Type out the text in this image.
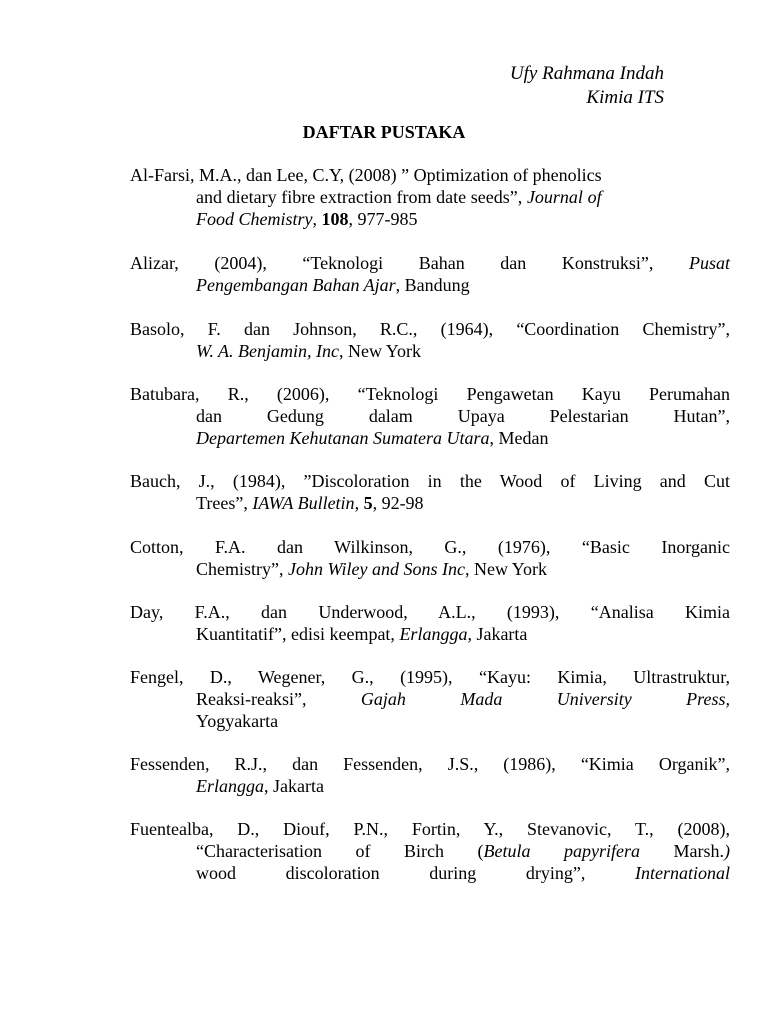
Ufy Rahmana Indah
Kimia ITS
DAFTAR PUSTAKA
Al-Farsi, M.A., dan Lee, C.Y, (2008) ” Optimization of phenolics
and dietary fibre extraction from date seeds”, Journal of
Food Chemistry, 108, 977-985
Alizar, (2004), “Teknologi Bahan dan Konstruksi”, Pusat
Pengembangan Bahan Ajar, Bandung
Basolo, F. dan Johnson, R.C., (1964), “Coordination Chemistry”,
W. A. Benjamin, Inc, New York
Batubara, R., (2006), “Teknologi Pengawetan Kayu Perumahan
dan Gedung dalam Upaya Pelestarian Hutan”,
Departemen Kehutanan Sumatera Utara, Medan
Bauch, J., (1984), ”Discoloration in the Wood of Living and Cut
Trees”, IAWA Bulletin, 5, 92-98
Cotton, F.A. dan Wilkinson, G., (1976), “Basic Inorganic
Chemistry”, John Wiley and Sons Inc, New York
Day, F.A., dan Underwood, A.L., (1993), “Analisa Kimia
Kuantitatif”, edisi keempat, Erlangga, Jakarta
Fengel, D., Wegener, G., (1995), “Kayu: Kimia, Ultrastruktur,
Reaksi-reaksi”,	Gajah Mada University Press,
Yogyakarta
Fessenden, R.J., dan Fessenden, J.S., (1986), “Kimia Organik”,
Erlangga, Jakarta
Fuentealba, D., Diouf, P.N., Fortin, Y., Stevanovic, T., (2008),
“Characterisation of Birch (Betula papyrifera Marsh.)
wood discoloration during drying”,	International
